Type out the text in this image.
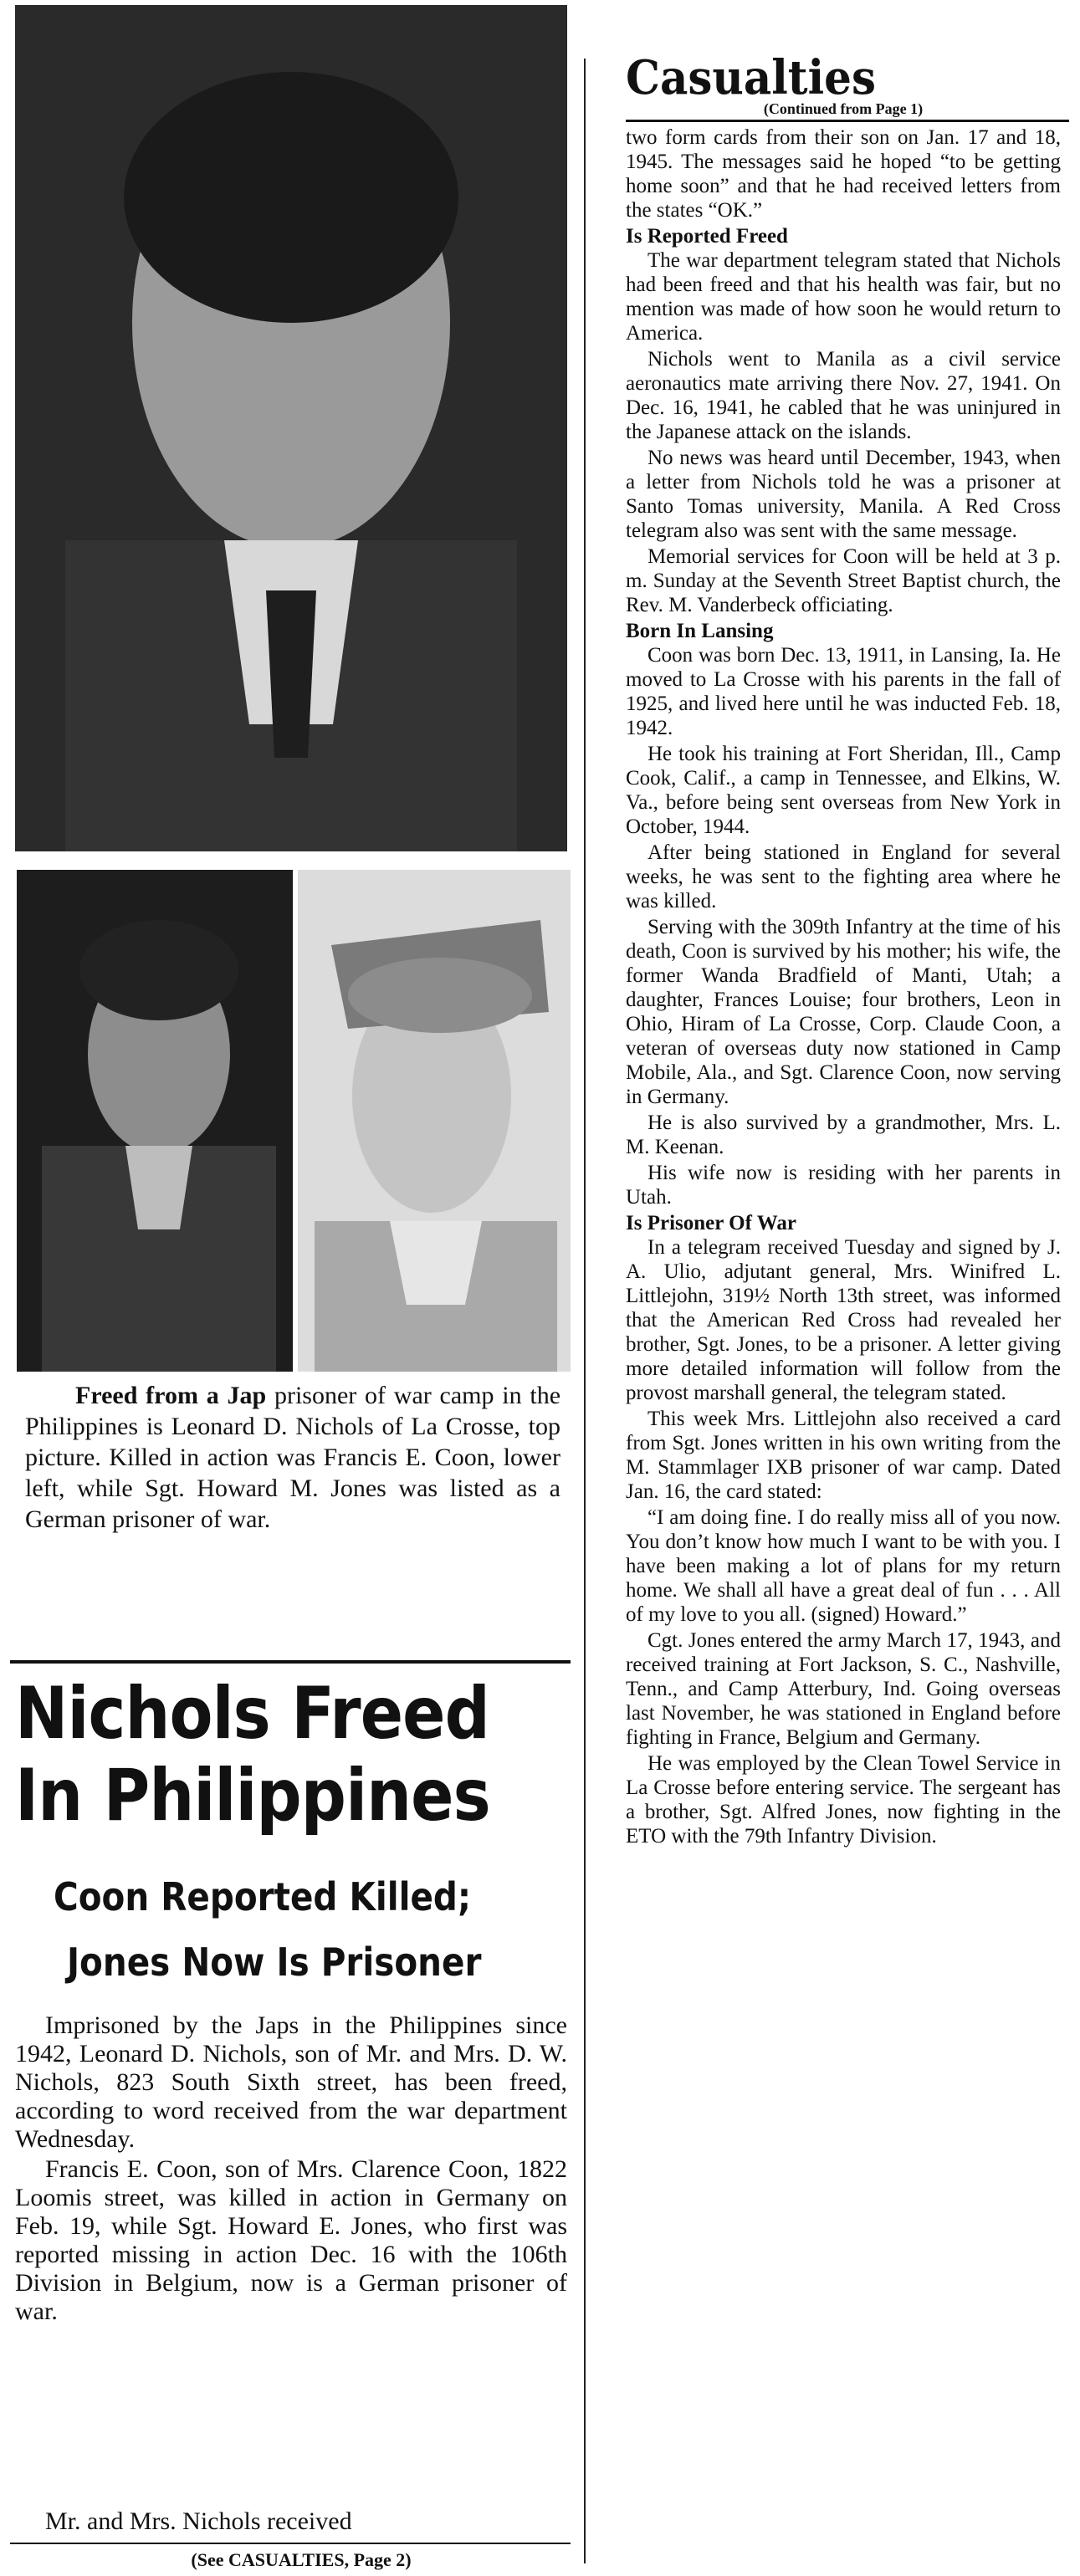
Freed from a Jap prisoner of war camp in the Philippines is Leonard D. Nichols of La Crosse, top picture. Killed in action was Francis E. Coon, lower left, while Sgt. Howard M. Jones was listed as a German prisoner of war.
Nichols Freed
In Philippines
Coon Reported Killed;
Jones Now Is Prisoner

Imprisoned by the Japs in the Philippines since 1942, Leonard D. Nichols, son of Mr. and Mrs. D. W. Nichols, 823 South Sixth street, has been freed, according to word received from the war department Wednesday.

Francis E. Coon, son of Mrs. Clarence Coon, 1822 Loomis street, was killed in action in Germany on Feb. 19, while Sgt. Howard E. Jones, who first was reported missing in action Dec. 16 with the 106th Division in Belgium, now is a German prisoner of war.

Mr. and Mrs. Nichols received
(See CASUALTIES, Page 2)
Casualties
(Continued from Page 1)

two form cards from their son on Jan. 17 and 18, 1945. The messages said he hoped “to be getting home soon” and that he had received letters from the states “OK.”

Is Reported Freed

The war department telegram stated that Nichols had been freed and that his health was fair, but no mention was made of how soon he would return to America.

Nichols went to Manila as a civil service aeronautics mate arriving there Nov. 27, 1941. On Dec. 16, 1941, he cabled that he was uninjured in the Japanese attack on the islands.

No news was heard until December, 1943, when a letter from Nichols told he was a prisoner at Santo Tomas university, Manila. A Red Cross telegram also was sent with the same message.

Memorial services for Coon will be held at 3 p. m. Sunday at the Seventh Street Baptist church, the Rev. M. Vanderbeck officiating.

Born In Lansing

Coon was born Dec. 13, 1911, in Lansing, Ia. He moved to La Crosse with his parents in the fall of 1925, and lived here until he was inducted Feb. 18, 1942.

He took his training at Fort Sheridan, Ill., Camp Cook, Calif., a camp in Tennessee, and Elkins, W. Va., before being sent overseas from New York in October, 1944.

After being stationed in England for several weeks, he was sent to the fighting area where he was killed.

Serving with the 309th Infantry at the time of his death, Coon is survived by his mother; his wife, the former Wanda Bradfield of Manti, Utah; a daughter, Frances Louise; four brothers, Leon in Ohio, Hiram of La Crosse, Corp. Claude Coon, a veteran of overseas duty now stationed in Camp Mobile, Ala., and Sgt. Clarence Coon, now serving in Germany.

He is also survived by a grandmother, Mrs. L. M. Keenan.

His wife now is residing with her parents in Utah.

Is Prisoner Of War

In a telegram received Tuesday and signed by J. A. Ulio, adjutant general, Mrs. Winifred L. Littlejohn, 319½ North 13th street, was informed that the American Red Cross had revealed her brother, Sgt. Jones, to be a prisoner. A letter giving more detailed information will follow from the provost marshall general, the telegram stated.

This week Mrs. Littlejohn also received a card from Sgt. Jones written in his own writing from the M. Stammlager IXB prisoner of war camp. Dated Jan. 16, the card stated:

“I am doing fine. I do really miss all of you now. You don’t know how much I want to be with you. I have been making a lot of plans for my return home. We shall all have a great deal of fun . . . All of my love to you all. (signed) Howard.”

Cgt. Jones entered the army March 17, 1943, and received training at Fort Jackson, S. C., Nashville, Tenn., and Camp Atterbury, Ind. Going overseas last November, he was stationed in England before fighting in France, Belgium and Germany.

He was employed by the Clean Towel Service in La Crosse before entering service. The sergeant has a brother, Sgt. Alfred Jones, now fighting in the ETO with the 79th Infantry Division.
